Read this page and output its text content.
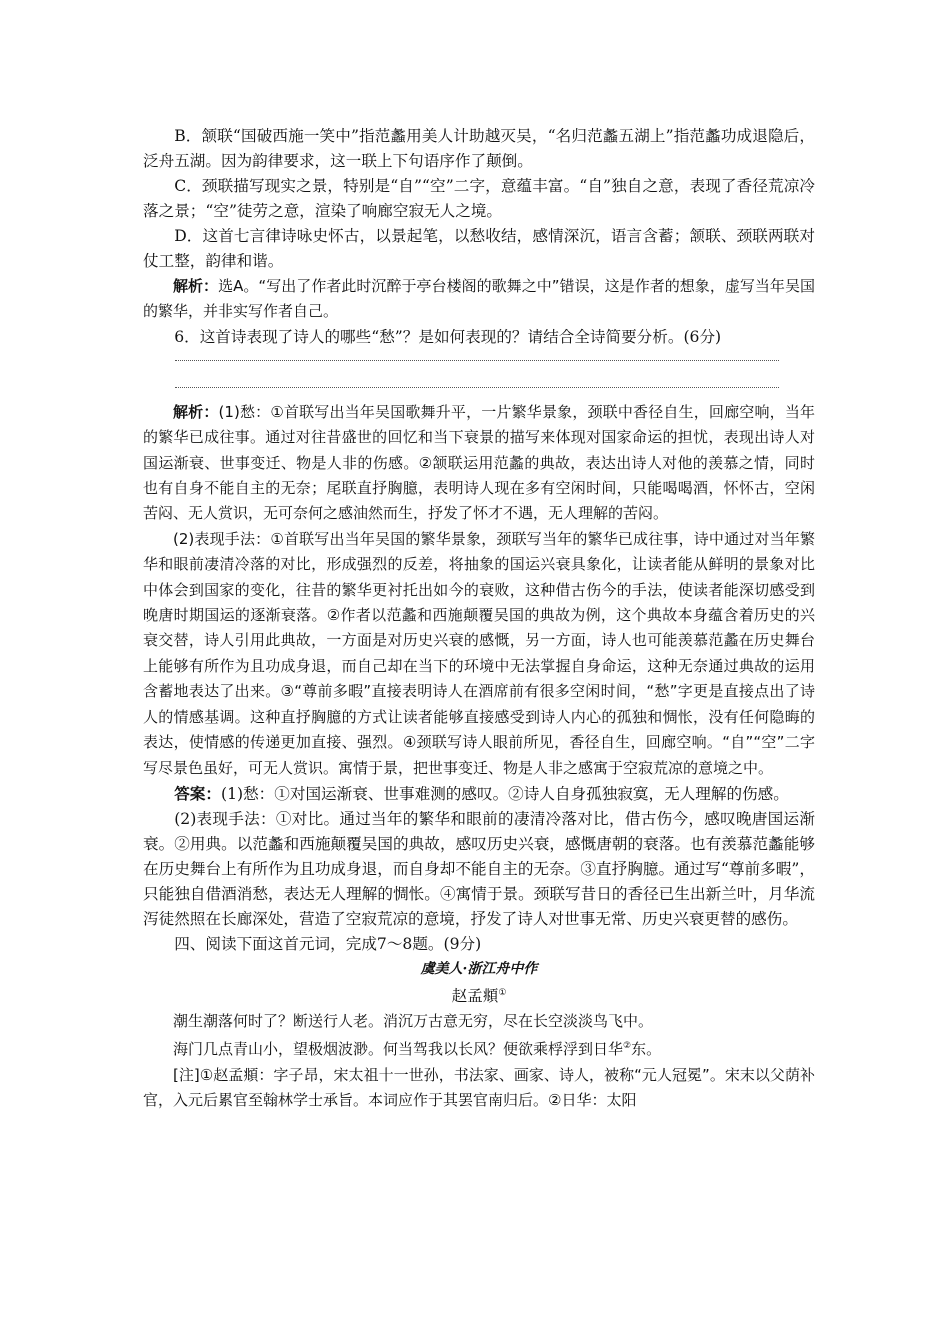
B．颔联“国破西施一笑中”指范蠡用美人计助越灭吴，“名归范蠡五湖上”指范蠡功成退隐后，泛舟五湖。因为韵律要求，这一联上下句语序作了颠倒。

C．颈联描写现实之景，特别是“自”“空”二字，意蕴丰富。“自”独自之意，表现了香径荒凉冷落之景；“空”徒劳之意，渲染了响廊空寂无人之境。

D．这首七言律诗咏史怀古，以景起笔，以愁收结，感情深沉，语言含蓄；颔联、颈联两联对仗工整，韵律和谐。

解析：选A。“写出了作者此时沉醉于亭台楼阁的歌舞之中”错误，这是作者的想象，虚写当年吴国的繁华，并非实写作者自己。

6．这首诗表现了诗人的哪些“愁”？是如何表现的？请结合全诗简要分析。(6分)

解析：(1)愁：①首联写出当年吴国歌舞升平，一片繁华景象，颈联中香径自生，回廊空响，当年的繁华已成往事。通过对往昔盛世的回忆和当下衰景的描写来体现对国家命运的担忧，表现出诗人对国运渐衰、世事变迁、物是人非的伤感。②颔联运用范蠡的典故，表达出诗人对他的羡慕之情，同时也有自身不能自主的无奈；尾联直抒胸臆，表明诗人现在多有空闲时间，只能喝喝酒，怀怀古，空闲苦闷、无人赏识，无可奈何之感油然而生，抒发了怀才不遇，无人理解的苦闷。

(2)表现手法：①首联写出当年吴国的繁华景象，颈联写当年的繁华已成往事，诗中通过对当年繁华和眼前凄清冷落的对比，形成强烈的反差，将抽象的国运兴衰具象化，让读者能从鲜明的景象对比中体会到国家的变化，往昔的繁华更衬托出如今的衰败，这种借古伤今的手法，使读者能深切感受到晚唐时期国运的逐渐衰落。②作者以范蠡和西施颠覆吴国的典故为例，这个典故本身蕴含着历史的兴衰交替，诗人引用此典故，一方面是对历史兴衰的感慨，另一方面，诗人也可能羡慕范蠡在历史舞台上能够有所作为且功成身退，而自己却在当下的环境中无法掌握自身命运，这种无奈通过典故的运用含蓄地表达了出来。③“尊前多暇”直接表明诗人在酒席前有很多空闲时间，“愁”字更是直接点出了诗人的情感基调。这种直抒胸臆的方式让读者能够直接感受到诗人内心的孤独和惆怅，没有任何隐晦的表达，使情感的传递更加直接、强烈。④颈联写诗人眼前所见，香径自生，回廊空响。“自”“空”二字写尽景色虽好，可无人赏识。寓情于景，把世事变迁、物是人非之感寓于空寂荒凉的意境之中。

答案：(1)愁：①对国运渐衰、世事难测的感叹。②诗人自身孤独寂寞，无人理解的伤感。

(2)表现手法：①对比。通过当年的繁华和眼前的凄清冷落对比，借古伤今，感叹晚唐国运渐衰。②用典。以范蠡和西施颠覆吴国的典故，感叹历史兴衰，感慨唐朝的衰落。也有羡慕范蠡能够在历史舞台上有所作为且功成身退，而自身却不能自主的无奈。③直抒胸臆。通过写“尊前多暇”，只能独自借酒消愁，表达无人理解的惆怅。④寓情于景。颈联写昔日的香径已生出新兰叶，月华流泻徒然照在长廊深处，营造了空寂荒凉的意境，抒发了诗人对世事无常、历史兴衰更替的感伤。

四、阅读下面这首元词，完成7～8题。(9分)

虞美人·浙江舟中作

赵孟頫①

潮生潮落何时了？断送行人老。消沉万古意无穷，尽在长空淡淡鸟飞中。

海门几点青山小，望极烟波渺。何当驾我以长风？便欲乘桴浮到日华②东。

[注]①赵孟頫：字子昂，宋太祖十一世孙，书法家、画家、诗人，被称“元人冠冕”。宋末以父荫补官，入元后累官至翰林学士承旨。本词应作于其罢官南归后。②日华：太阳
